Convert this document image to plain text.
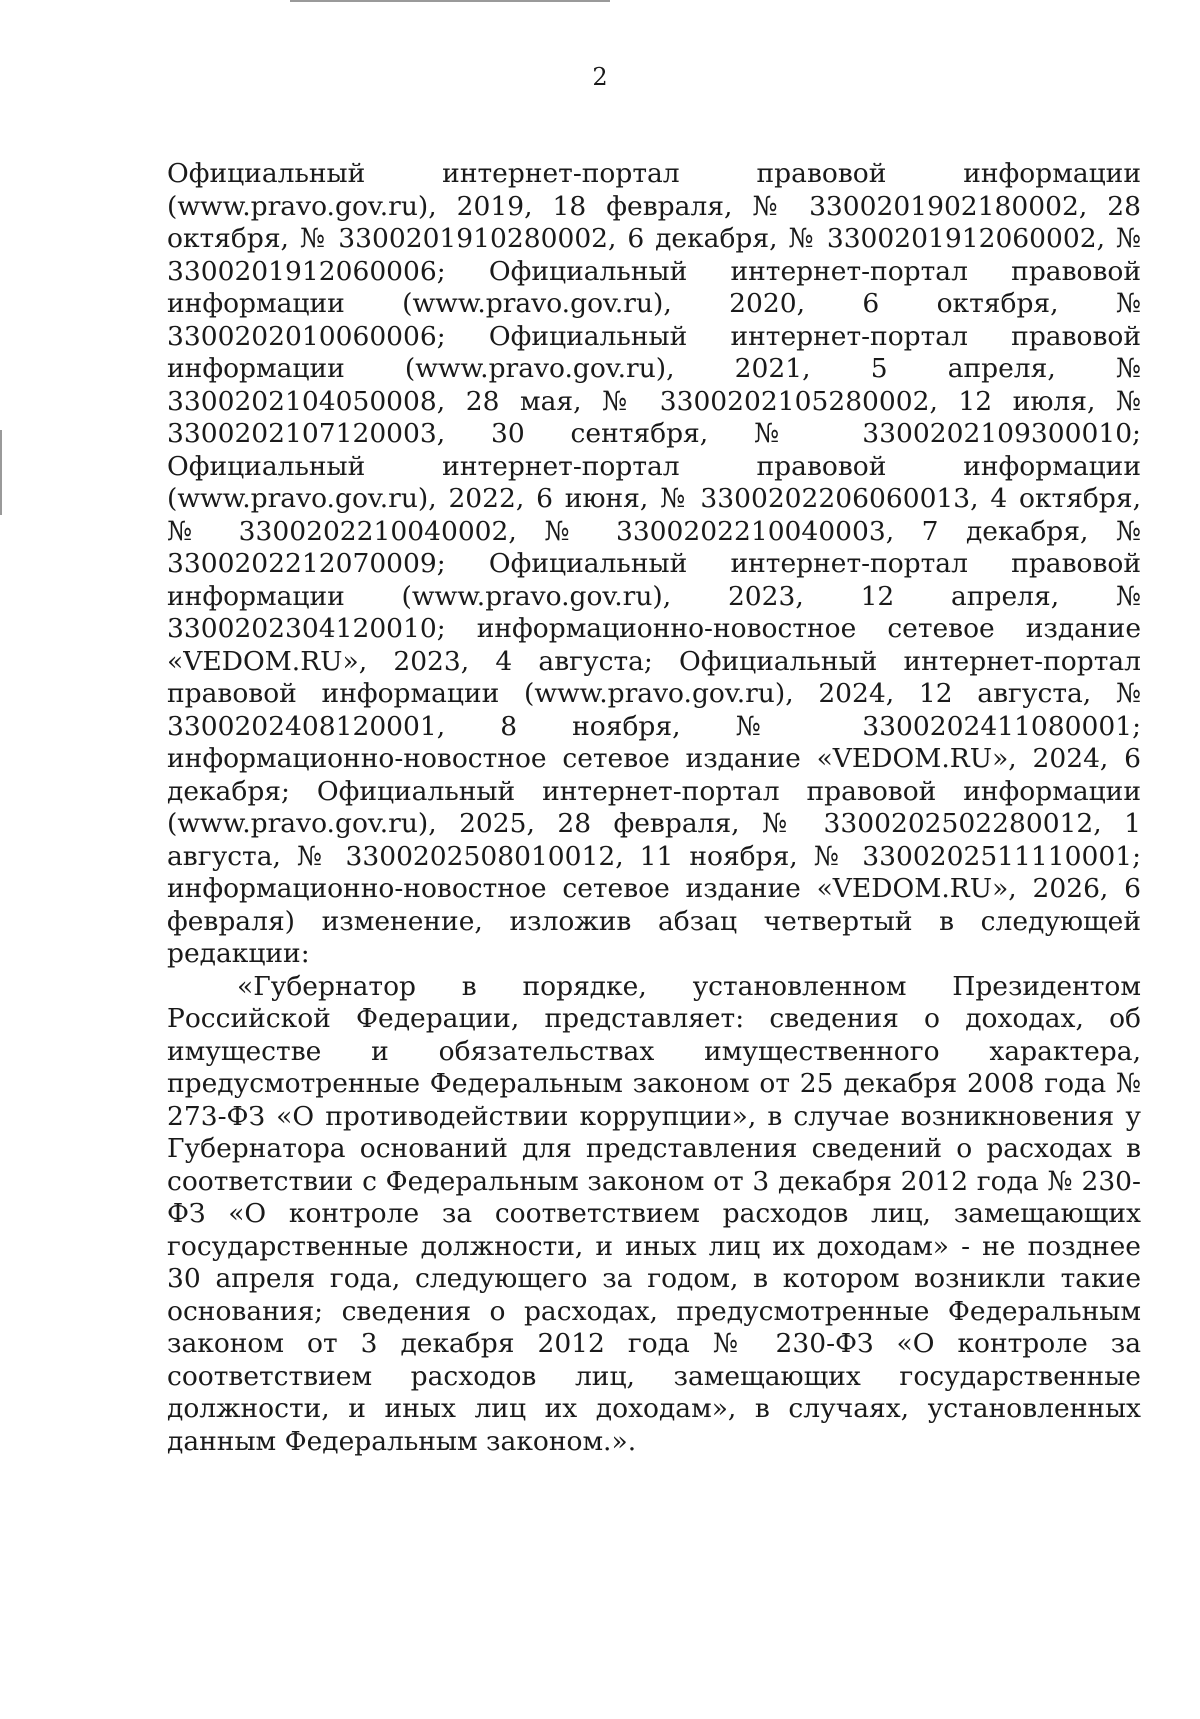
2

Официальный интернет-портал правовой информации (www.pravo.gov.ru), 2019, 18 февраля, № 3300201902180002, 28 октября, № 3300201910280002, 6 декабря, № 3300201912060002, № 3300201912060006; Официальный интернет-портал правовой информации (www.pravo.gov.ru), 2020, 6 октября, № 3300202010060006; Официальный интернет-портал правовой информации (www.pravo.gov.ru), 2021, 5 апреля, № 3300202104050008, 28 мая, № 3300202105280002, 12 июля, № 3300202107120003, 30 сентября, № 3300202109300010; Официальный интернет-портал правовой информации (www.pravo.gov.ru), 2022, 6 июня, № 3300202206060013, 4 октября, № 3300202210040002, № 3300202210040003, 7 декабря, № 3300202212070009; Официальный интернет-портал правовой информации (www.pravo.gov.ru), 2023, 12 апреля, № 3300202304120010; информационно-новостное сетевое издание «VEDOM.RU», 2023, 4 августа; Официальный интернет-портал правовой информации (www.pravo.gov.ru), 2024, 12 августа, № 3300202408120001, 8 ноября, № 3300202411080001; информационно-новостное сетевое издание «VEDOM.RU», 2024, 6 декабря; Официальный интернет-портал правовой информации (www.pravo.gov.ru), 2025, 28 февраля, № 3300202502280012, 1 августа, № 3300202508010012, 11 ноября, № 3300202511110001; информационно-новостное сетевое издание «VEDOM.RU», 2026, 6 февраля) изменение, изложив абзац четвертый в следующей редакции:

«Губернатор в порядке, установленном Президентом Российской Федерации, представляет: сведения о доходах, об имуществе и обязательствах имущественного характера, предусмотренные Федеральным законом от 25 декабря 2008 года № 273-ФЗ «О противодействии коррупции», в случае возникновения у Губернатора оснований для представления сведений о расходах в соответствии с Федеральным законом от 3 декабря 2012 года № 230-ФЗ «О контроле за соответствием расходов лиц, замещающих государственные должности, и иных лиц их доходам» - не позднее 30 апреля года, следующего за годом, в котором возникли такие основания; сведения о расходах, предусмотренные Федеральным законом от 3 декабря 2012 года № 230-ФЗ «О контроле за соответствием расходов лиц, замещающих государственные должности, и иных лиц их доходам», в случаях, установленных данным Федеральным законом.».
